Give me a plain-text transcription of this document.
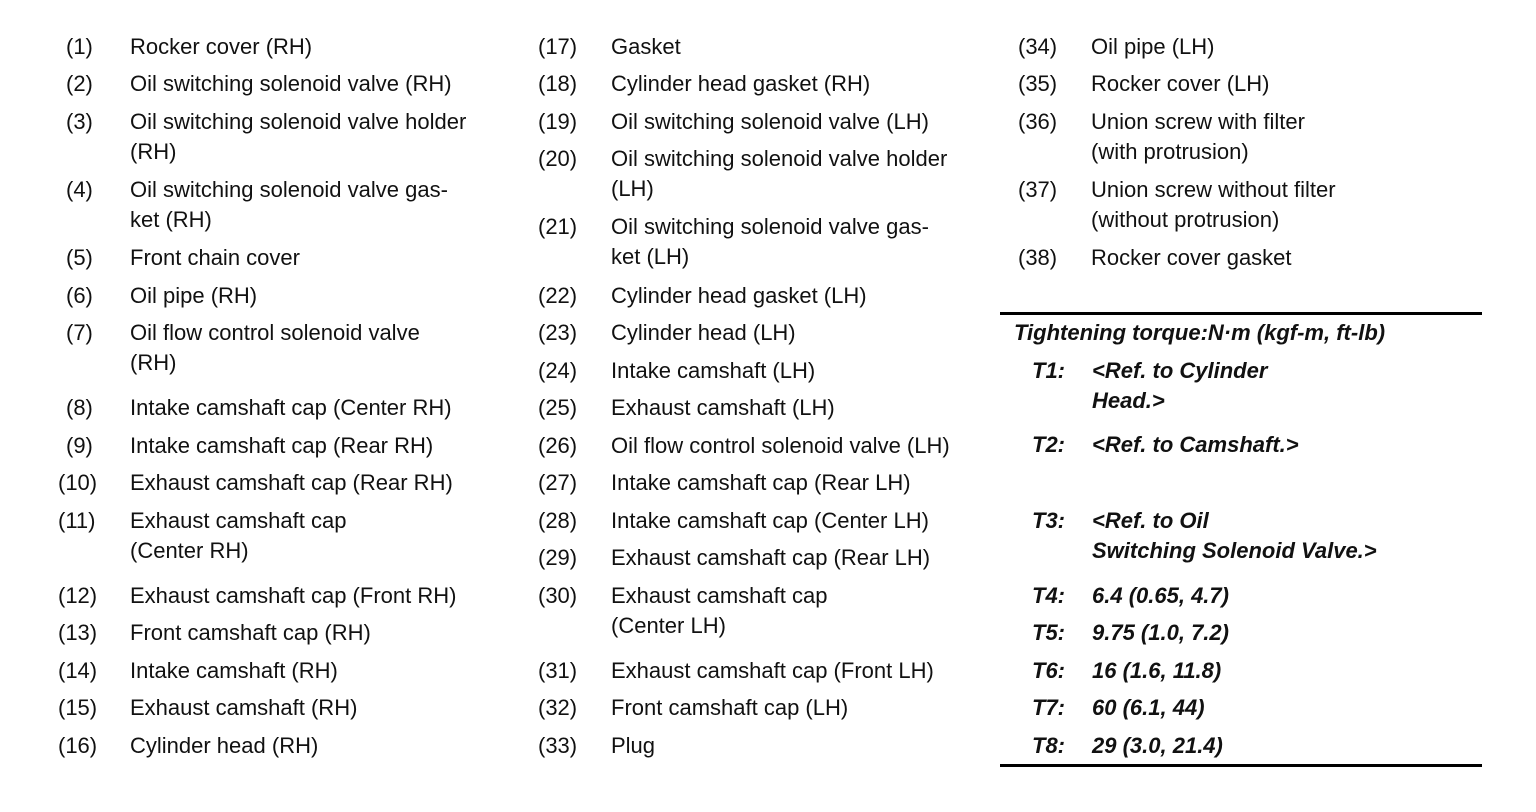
(1) Rocker cover (RH)
(2) Oil switching solenoid valve (RH)
(3) Oil switching solenoid valve holder
(RH)
(4) Oil switching solenoid valve gas-
ket (RH)
(5) Front chain cover
(6) Oil pipe (RH)
(7) Oil flow control solenoid valve
(RH)
(8) Intake camshaft cap (Center RH)
(9) Intake camshaft cap (Rear RH)
(10) Exhaust camshaft cap (Rear RH)
(11) Exhaust camshaft cap
(Center RH)
(12) Exhaust camshaft cap (Front RH)
(13) Front camshaft cap (RH)
(14) Intake camshaft (RH)
(15) Exhaust camshaft (RH)
(16) Cylinder head (RH)
(17) Gasket
(18) Cylinder head gasket (RH)
(19) Oil switching solenoid valve (LH)
(20) Oil switching solenoid valve holder
(LH)
(21) Oil switching solenoid valve gas-
ket (LH)
(22) Cylinder head gasket (LH)
(23) Cylinder head (LH)
(24) Intake camshaft (LH)
(25) Exhaust camshaft (LH)
(26) Oil flow control solenoid valve (LH)
(27) Intake camshaft cap (Rear LH)
(28) Intake camshaft cap (Center LH)
(29) Exhaust camshaft cap (Rear LH)
(30) Exhaust camshaft cap
(Center LH)
(31) Exhaust camshaft cap (Front LH)
(32) Front camshaft cap (LH)
(33) Plug
(34) Oil pipe (LH)
(35) Rocker cover (LH)
(36) Union screw with filter
(with protrusion)
(37) Union screw without filter
(without protrusion)
(38) Rocker cover gasket
Tightening torque:N·m (kgf-m, ft-lb)
T1: <Ref. to Cylinder
Head.>
T2: <Ref. to Camshaft.>
T3: <Ref. to Oil
Switching Solenoid Valve.>
T4: 6.4 (0.65, 4.7)
T5: 9.75 (1.0, 7.2)
T6: 16 (1.6, 11.8)
T7: 60 (6.1, 44)
T8: 29 (3.0, 21.4)
